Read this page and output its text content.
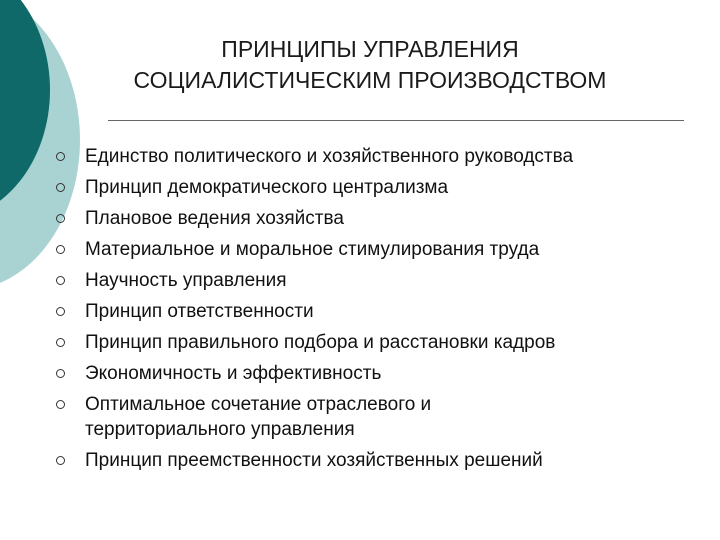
ПРИНЦИПЫ УПРАВЛЕНИЯ
СОЦИАЛИСТИЧЕСКИМ ПРОИЗВОДСТВОМ
Единство политического и хозяйственного руководства
Принцип демократического централизма
Плановое ведения хозяйства
Материальное и моральное стимулирования труда
Научность управления
Принцип ответственности
Принцип правильного подбора и расстановки кадров
Экономичность и эффективность
Оптимальное сочетание отраслевого и территориального управления
Принцип преемственности хозяйственных решений
